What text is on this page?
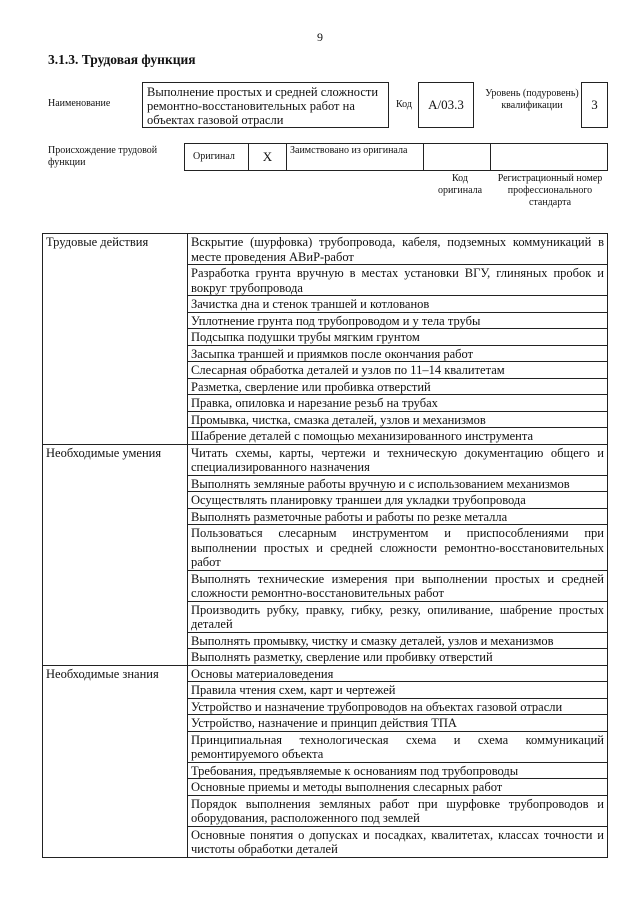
9
3.1.3. Трудовая функция
Наименование
Выполнение простых и средней сложности ремонтно-восстановительных работ на объектах газовой отрасли
Код А/03.3
Уровень (подуровень) квалификации	3
Происхождение трудовой функции
Оригинал	X	Заимствовано из оригинала
Код оригинала
Регистрационный номер профессионального стандарта
Трудовые действия	Вскрытие (шурфовка) трубопровода, кабеля, подземных коммуникаций в месте проведения АВиР-работ
	Разработка грунта вручную в местах установки ВГУ, глиняных пробок и вокруг трубопровода
	Зачистка дна и стенок траншей и котлованов
	Уплотнение грунта под трубопроводом и у тела трубы
	Подсыпка подушки трубы мягким грунтом
	Засыпка траншей и приямков после окончания работ
	Слесарная обработка деталей и узлов по 11–14 квалитетам
	Разметка, сверление или пробивка отверстий
	Правка, опиловка и нарезание резьб на трубах
	Промывка, чистка, смазка деталей, узлов и механизмов
	Шабрение деталей с помощью механизированного инструмента
Необходимые умения	Читать схемы, карты, чертежи и техническую документацию общего и специализированного назначения
	Выполнять земляные работы вручную и с использованием механизмов
	Осуществлять планировку траншеи для укладки трубопровода
	Выполнять разметочные работы и работы по резке металла
	Пользоваться слесарным инструментом и приспособлениями при выполнении простых и средней сложности ремонтно-восстановительных работ
	Выполнять технические измерения при выполнении простых и средней сложности ремонтно-восстановительных работ
	Производить рубку, правку, гибку, резку, опиливание, шабрение простых деталей
	Выполнять промывку, чистку и смазку деталей, узлов и механизмов
	Выполнять разметку, сверление или пробивку отверстий
Необходимые знания	Основы материаловедения
	Правила чтения схем, карт и чертежей
	Устройство и назначение трубопроводов на объектах газовой отрасли
	Устройство, назначение и принцип действия ТПА
	Принципиальная технологическая схема и схема коммуникаций ремонтируемого объекта
	Требования, предъявляемые к основаниям под трубопроводы
	Основные приемы и методы выполнения слесарных работ
	Порядок выполнения земляных работ при шурфовке трубопроводов и оборудования, расположенного под землей
	Основные понятия о допусках и посадках, квалитетах, классах точности и чистоты обработки деталей
